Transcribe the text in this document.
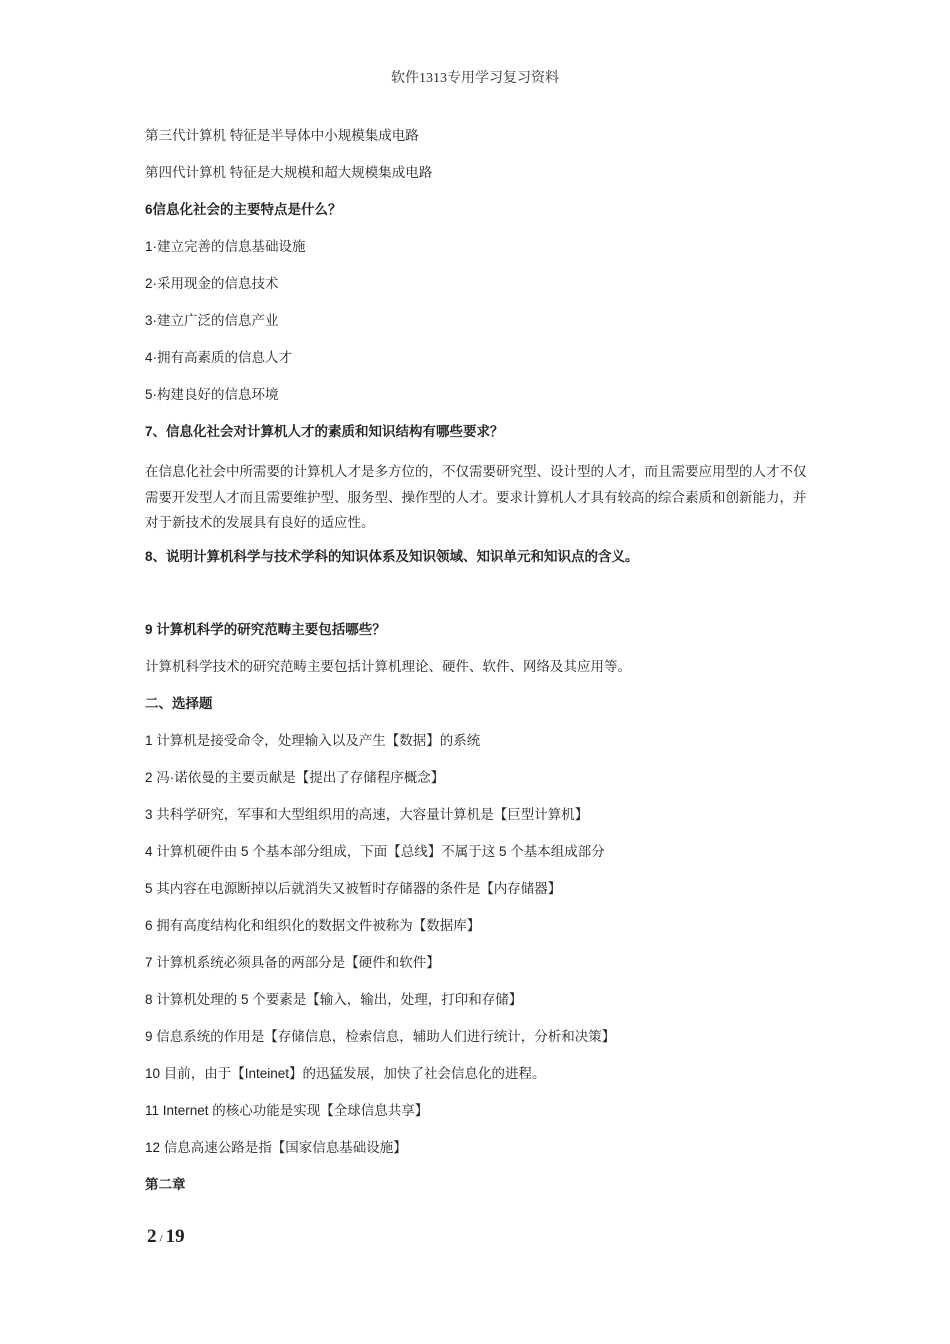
软件1313专用学习复习资料
第三代计算机 特征是半导体中小规模集成电路
第四代计算机 特征是大规模和超大规模集成电路
6信息化社会的主要特点是什么？
1·建立完善的信息基础设施
2·采用现金的信息技术
3·建立广泛的信息产业
4·拥有高素质的信息人才
5·构建良好的信息环境
7、信息化社会对计算机人才的素质和知识结构有哪些要求？
在信息化社会中所需要的计算机人才是多方位的，不仅需要研究型、设计型的人才，而且需要应用型的人才不仅需要开发型人才而且需要维护型、服务型、操作型的人才。要求计算机人才具有较高的综合素质和创新能力，并对于新技术的发展具有良好的适应性。
8、说明计算机科学与技术学科的知识体系及知识领域、知识单元和知识点的含义。
9 计算机科学的研究范畴主要包括哪些？
计算机科学技术的研究范畴主要包括计算机理论、硬件、软件、网络及其应用等。
二、选择题
1 计算机是接受命令，处理输入以及产生【数据】的系统
2 冯·诺依曼的主要贡献是【提出了存储程序概念】
3 共科学研究，军事和大型组织用的高速，大容量计算机是【巨型计算机】
4 计算机硬件由 5 个基本部分组成，下面【总线】不属于这 5 个基本组成部分
5 其内容在电源断掉以后就消失又被暂时存储器的条件是【内存储器】
6 拥有高度结构化和组织化的数据文件被称为【数据库】
7 计算机系统必须具备的两部分是【硬件和软件】
8 计算机处理的 5 个要素是【输入，输出，处理，打印和存储】
9 信息系统的作用是【存储信息，检索信息，辅助人们进行统计，分析和决策】
10 目前，由于【Inteinet】的迅猛发展，加快了社会信息化的进程。
11 Internet 的核心功能是实现【全球信息共享】
12 信息高速公路是指【国家信息基础设施】
第二章
2 / 19
